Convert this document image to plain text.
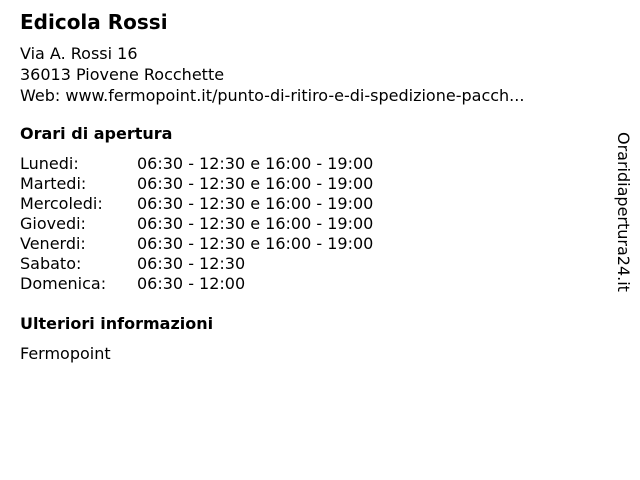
Edicola Rossi
Via A. Rossi 16
36013 Piovene Rocchette
Web: www.fermopoint.it/punto-di-ritiro-e-di-spedizione-pacch...
Orari di apertura
Lunedi:	06:30 - 12:30 e 16:00 - 19:00
Martedi:	06:30 - 12:30 e 16:00 - 19:00
Mercoledi:	06:30 - 12:30 e 16:00 - 19:00
Giovedi:	06:30 - 12:30 e 16:00 - 19:00
Venerdi:	06:30 - 12:30 e 16:00 - 19:00
Sabato:	06:30 - 12:30
Domenica:	06:30 - 12:00
Ulteriori informazioni
Fermopoint
Oraridiapertura24.it
